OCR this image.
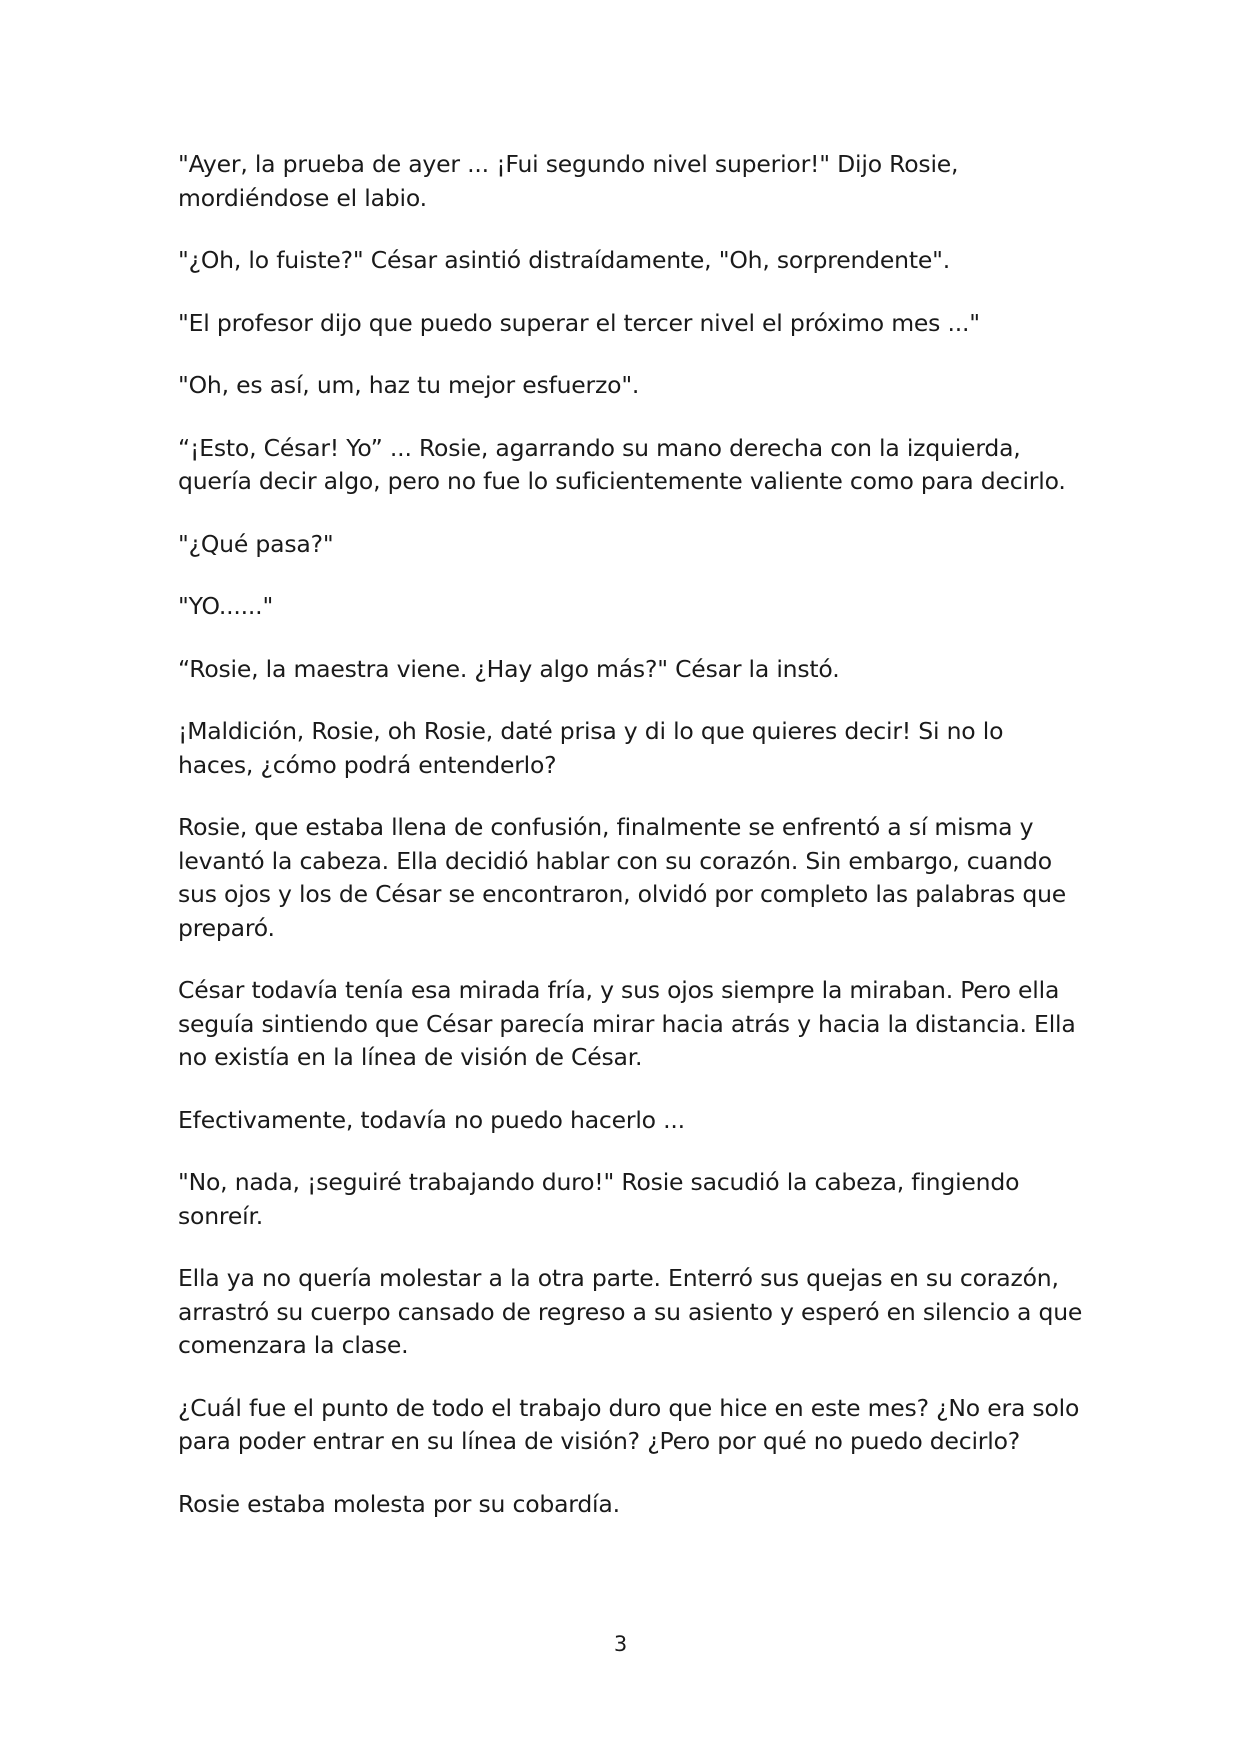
"Ayer, la prueba de ayer ... ¡Fui segundo nivel superior!" Dijo Rosie, mordiéndose el labio.

"¿Oh, lo fuiste?" César asintió distraídamente, "Oh, sorprendente".

"El profesor dijo que puedo superar el tercer nivel el próximo mes ..."

"Oh, es así, um, haz tu mejor esfuerzo".

“¡Esto, César! Yo” ... Rosie, agarrando su mano derecha con la izquierda, quería decir algo, pero no fue lo suficientemente valiente como para decirlo.

"¿Qué pasa?"

"YO......"

“Rosie, la maestra viene. ¿Hay algo más?" César la instó.

¡Maldición, Rosie, oh Rosie, daté prisa y di lo que quieres decir! Si no lo haces, ¿cómo podrá entenderlo?

Rosie, que estaba llena de confusión, finalmente se enfrentó a sí misma y levantó la cabeza. Ella decidió hablar con su corazón. Sin embargo, cuando sus ojos y los de César se encontraron, olvidó por completo las palabras que preparó.

César todavía tenía esa mirada fría, y sus ojos siempre la miraban. Pero ella seguía sintiendo que César parecía mirar hacia atrás y hacia la distancia. Ella no existía en la línea de visión de César.

Efectivamente, todavía no puedo hacerlo ...

"No, nada, ¡seguiré trabajando duro!" Rosie sacudió la cabeza, fingiendo sonreír.

Ella ya no quería molestar a la otra parte. Enterró sus quejas en su corazón, arrastró su cuerpo cansado de regreso a su asiento y esperó en silencio a que comenzara la clase.

¿Cuál fue el punto de todo el trabajo duro que hice en este mes? ¿No era solo para poder entrar en su línea de visión? ¿Pero por qué no puedo decirlo?

Rosie estaba molesta por su cobardía.

3
